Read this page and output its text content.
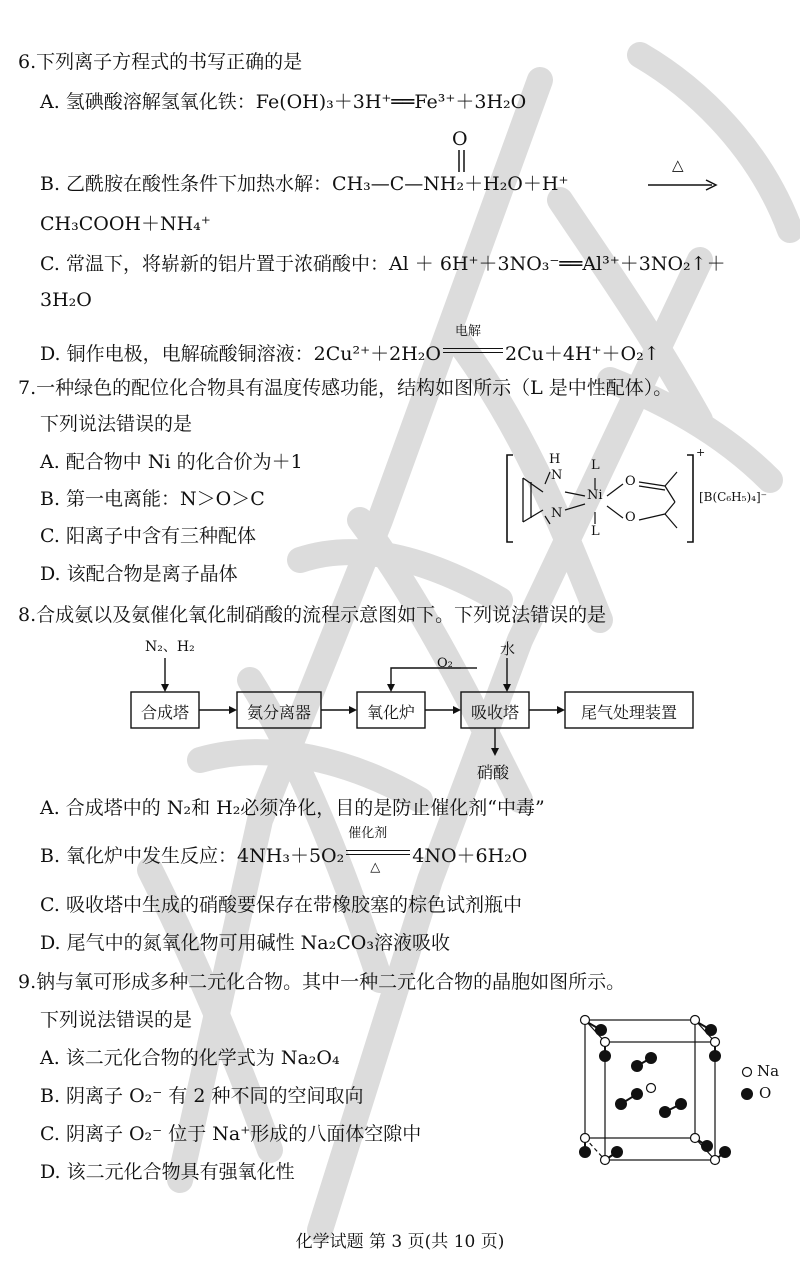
6.下列离子方程式的书写正确的是
A. 氢碘酸溶解氢氧化铁：Fe(OH)₃＋3H⁺══Fe³⁺＋3H₂O
B. 乙酰胺在酸性条件下加热水解：CH₃—C—NH₂＋H₂O＋H⁺
O
△
CH₃COOH＋NH₄⁺
C. 常温下，将崭新的铝片置于浓硝酸中：Al ＋ 6H⁺＋3NO₃⁻══Al³⁺＋3NO₂↑＋
3H₂O
D. 铜作电极，电解硫酸铜溶液：2Cu²⁺＋2H₂O
电解
2Cu＋4H⁺＋O₂↑
7.一种绿色的配位化合物具有温度传感功能，结构如图所示（L 是中性配体）。
下列说法错误的是
A. 配合物中 Ni 的化合价为＋1
B. 第一电离能：N＞O＞C
C. 阳离子中含有三种配体
D. 该配合物是离子晶体
H
N
N
Ni
L
L
O
O
+
[B(C₆H₅)₄]⁻
8.合成氨以及氨催化氧化制硝酸的流程示意图如下。下列说法错误的是
N₂、H₂
合成塔	氨分离器	氧化炉	吸收塔	尾气处理装置
O₂
水
硝酸
A. 合成塔中的 N₂和 H₂必须净化，目的是防止催化剂“中毒”
B. 氧化炉中发生反应：4NH₃＋5O₂
催化剂
△
4NO＋6H₂O
C. 吸收塔中生成的硝酸要保存在带橡胶塞的棕色试剂瓶中
D. 尾气中的氮氧化物可用碱性 Na₂CO₃溶液吸收
9.钠与氧可形成多种二元化合物。其中一种二元化合物的晶胞如图所示。
下列说法错误的是
A. 该二元化合物的化学式为 Na₂O₄
B. 阴离子 O₂⁻ 有 2 种不同的空间取向
C. 阴离子 O₂⁻ 位于 Na⁺形成的八面体空隙中
D. 该二元化合物具有强氧化性
Na
O
化学试题 第 3 页(共 10 页)
